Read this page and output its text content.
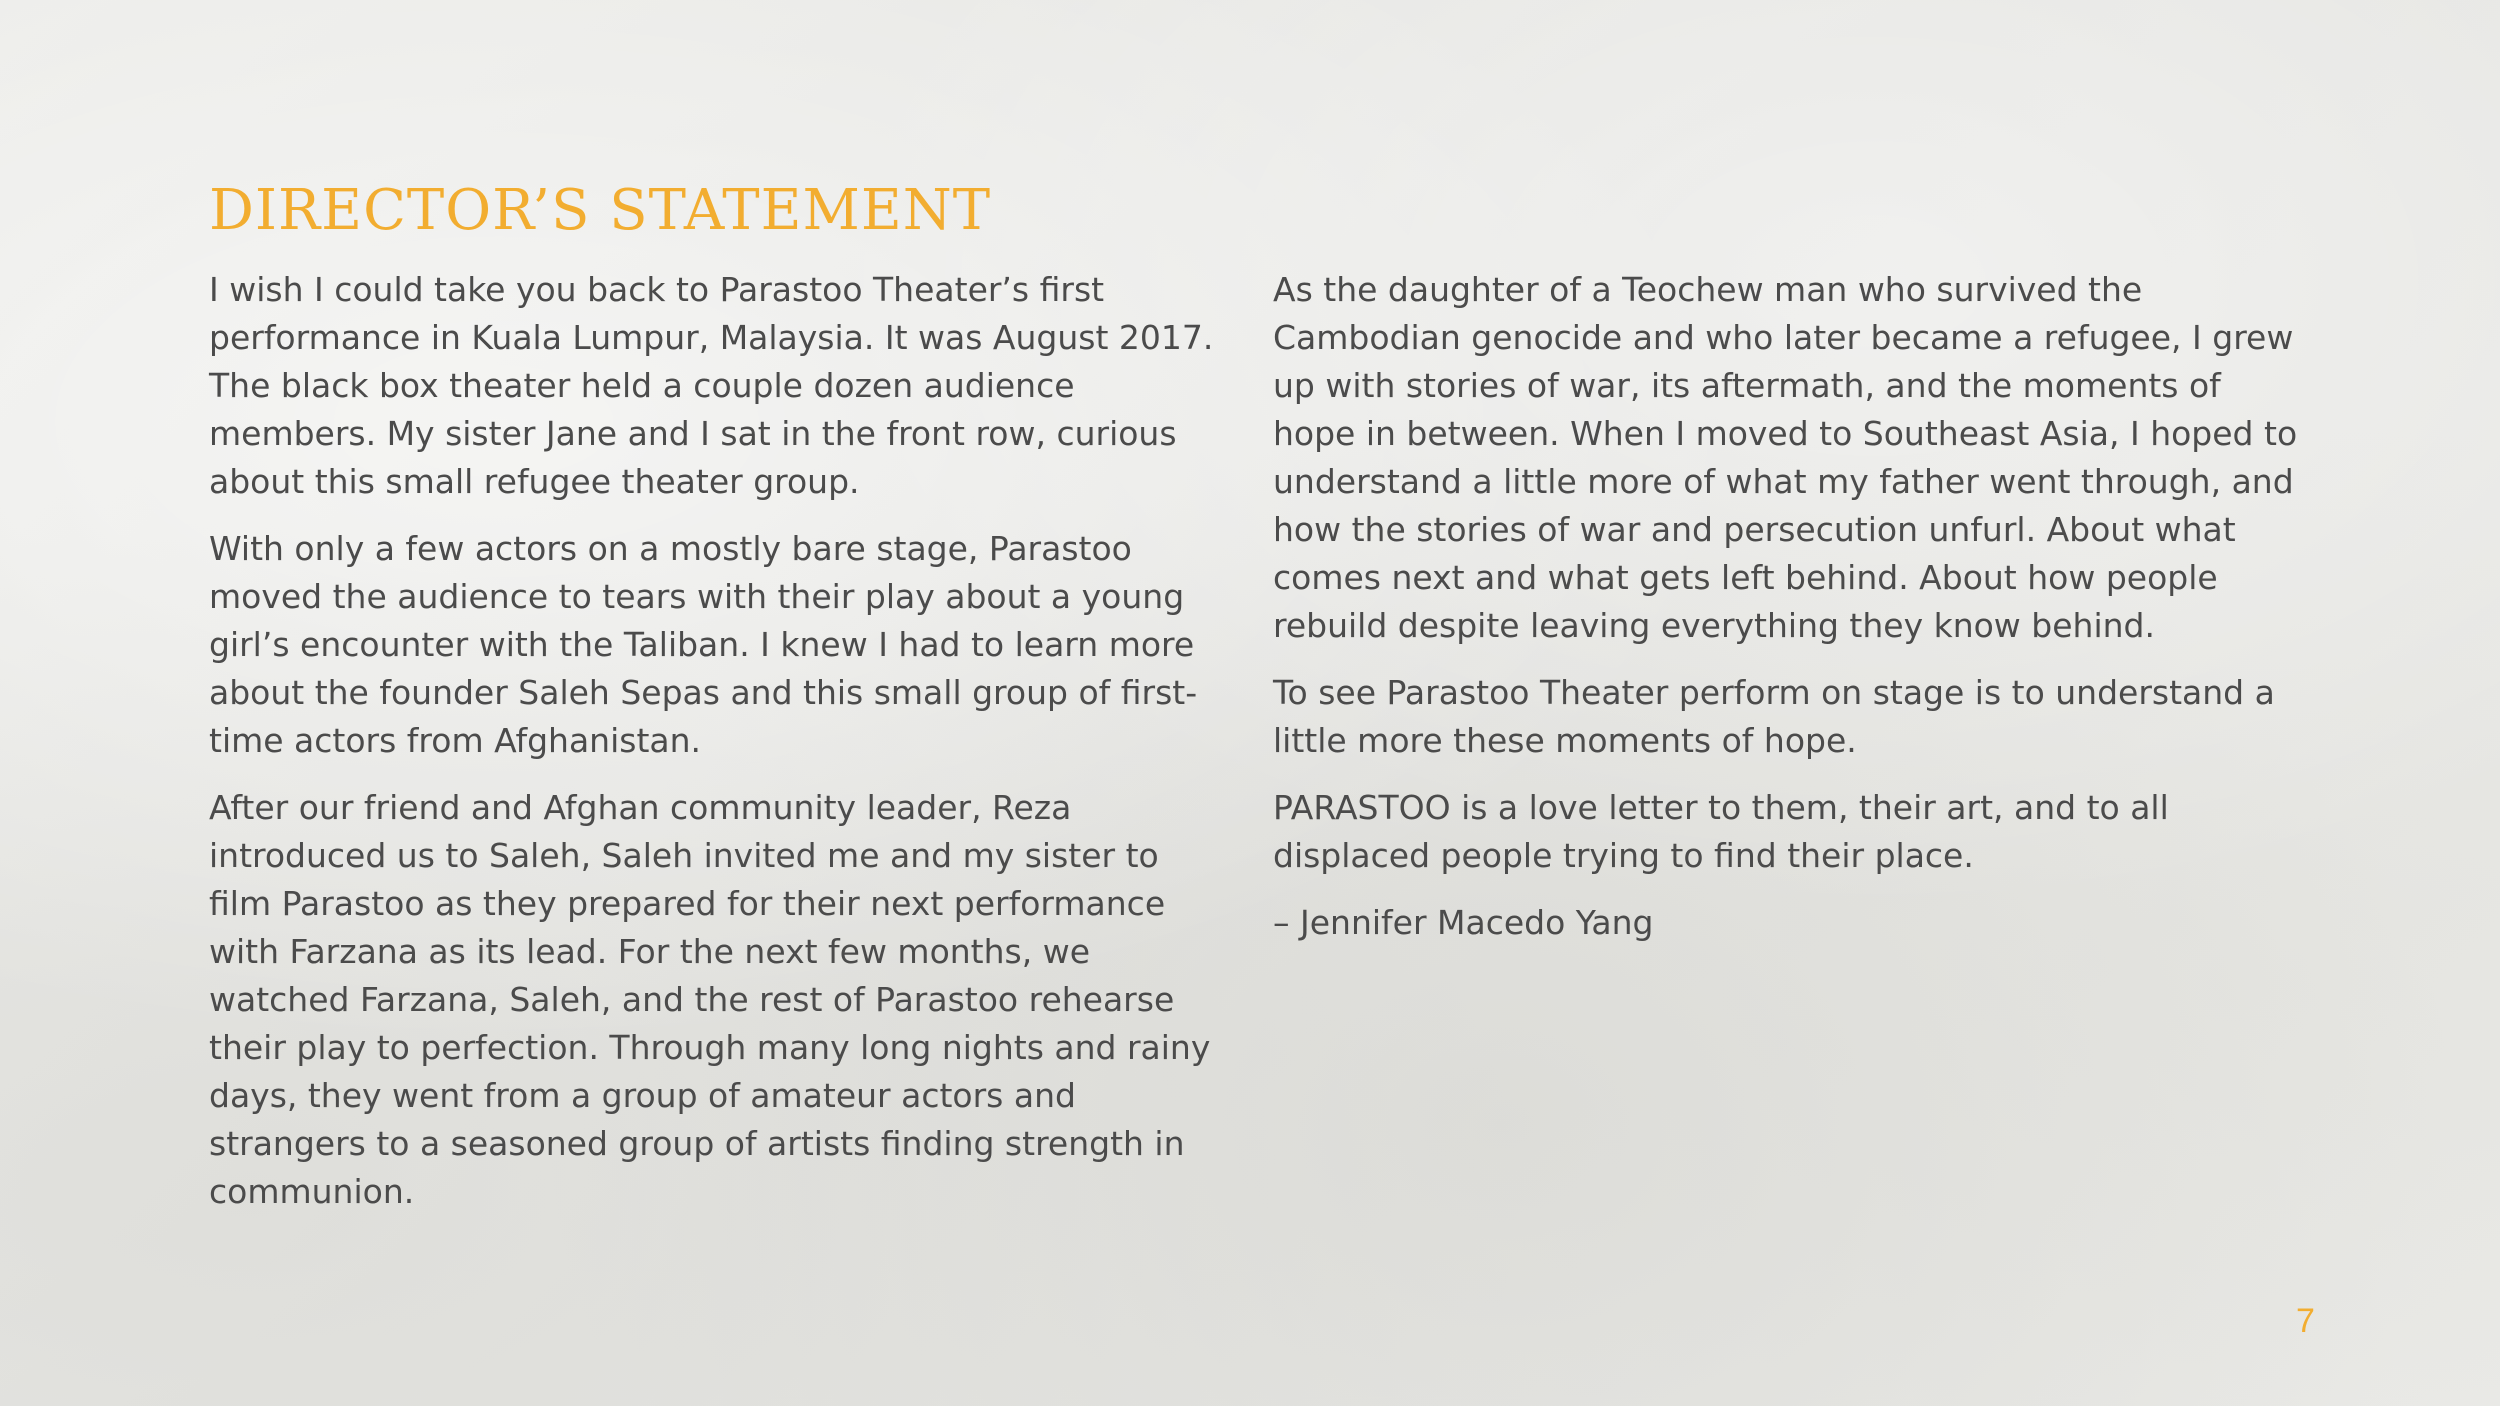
DIRECTOR’S STATEMENT

I wish I could take you back to Parastoo Theater’s first performance in Kuala Lumpur, Malaysia. It was August 2017. The black box theater held a couple dozen audience members. My sister Jane and I sat in the front row, curious about this small refugee theater group.

With only a few actors on a mostly bare stage, Parastoo moved the audience to tears with their play about a young girl’s encounter with the Taliban. I knew I had to learn more about the founder Saleh Sepas and this small group of first-time actors from Afghanistan.

After our friend and Afghan community leader, Reza introduced us to Saleh, Saleh invited me and my sister to film Parastoo as they prepared for their next performance with Farzana as its lead. For the next few months, we watched Farzana, Saleh, and the rest of Parastoo rehearse their play to perfection. Through many long nights and rainy days, they went from a group of amateur actors and strangers to a seasoned group of artists finding strength in communion.

As the daughter of a Teochew man who survived the Cambodian genocide and who later became a refugee, I grew up with stories of war, its aftermath, and the moments of hope in between. When I moved to Southeast Asia, I hoped to understand a little more of what my father went through, and how the stories of war and persecution unfurl. About what comes next and what gets left behind. About how people rebuild despite leaving everything they know behind.

To see Parastoo Theater perform on stage is to understand a little more these moments of hope.

PARASTOO is a love letter to them, their art, and to all displaced people trying to find their place.

– Jennifer Macedo Yang

7
